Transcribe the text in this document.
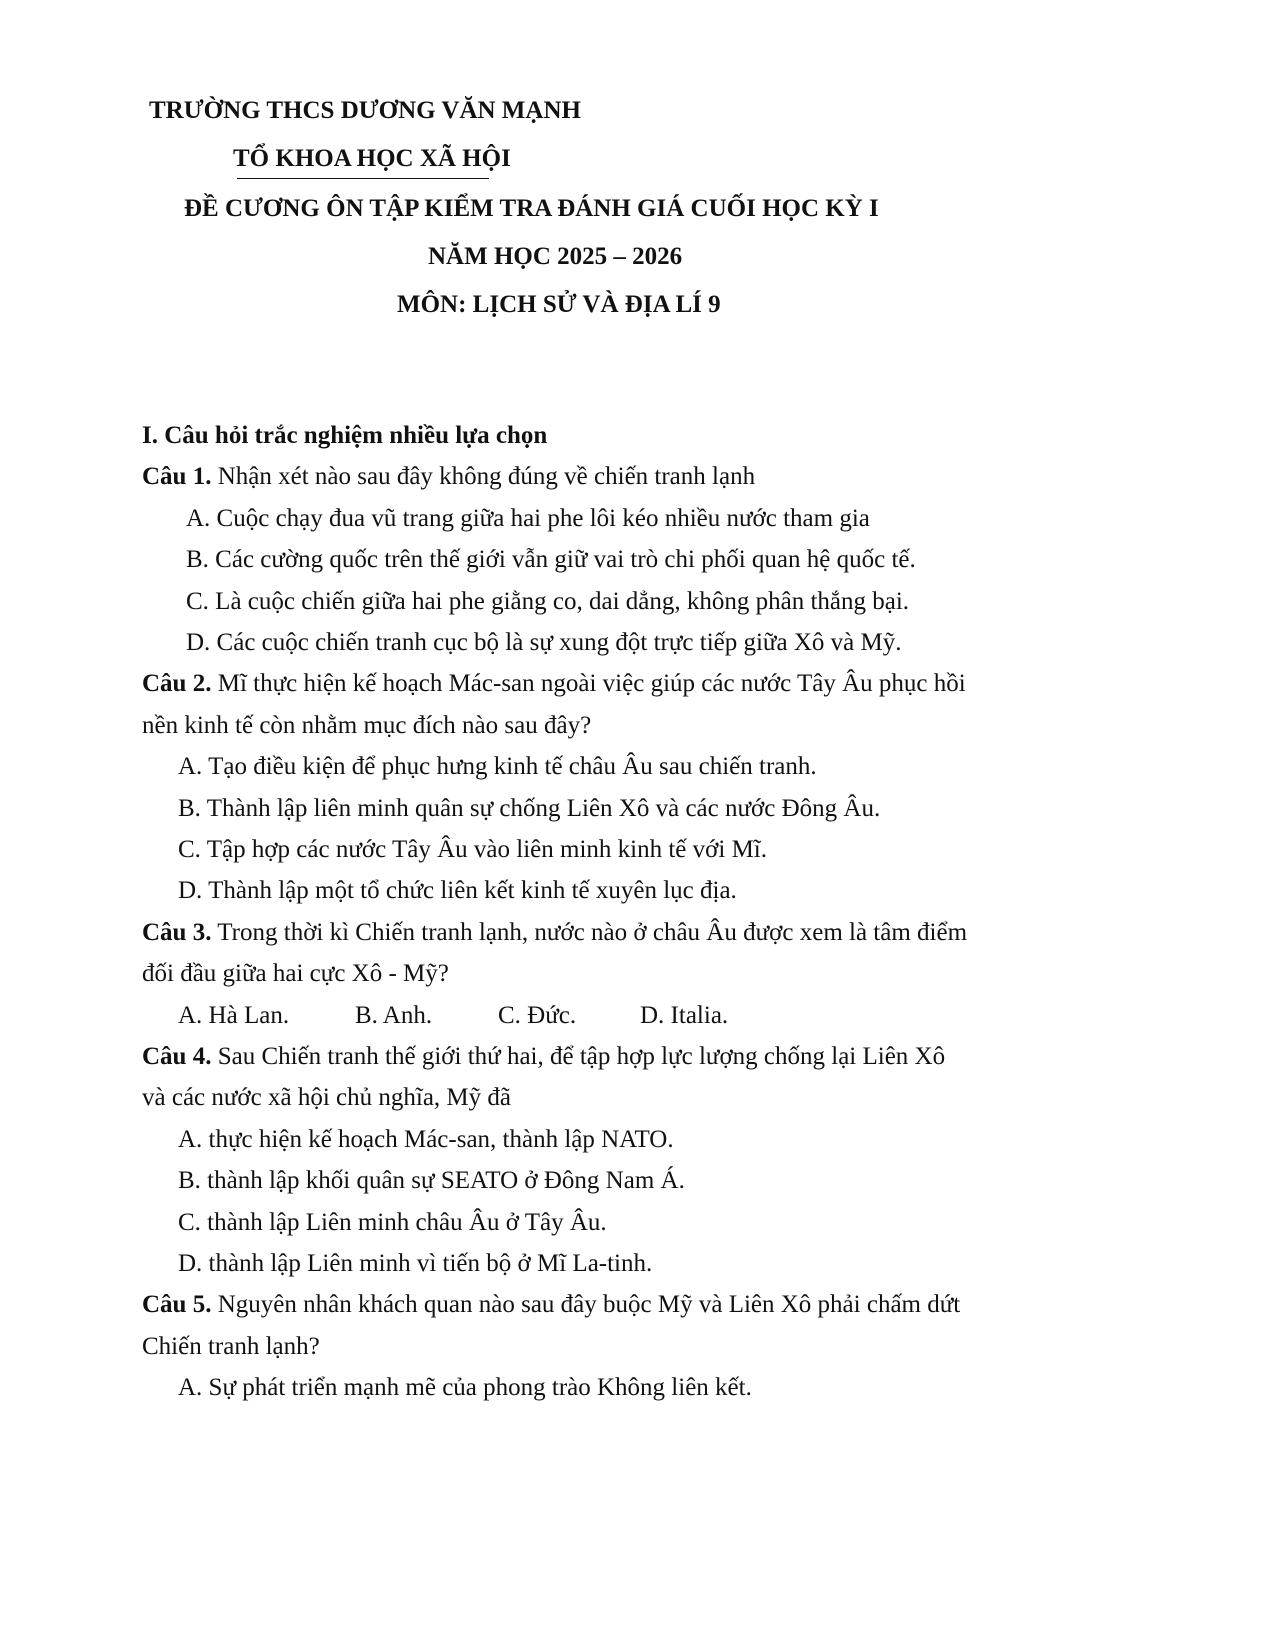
TRƯỜNG THCS DƯƠNG VĂN MẠNH
TỔ KHOA HỌC XÃ HỘI
ĐỀ CƯƠNG ÔN TẬP KIỂM TRA ĐÁNH GIÁ CUỐI HỌC KỲ I
NĂM HỌC 2025 – 2026
MÔN: LỊCH SỬ VÀ ĐỊA LÍ 9
I. Câu hỏi trắc nghiệm nhiều lựa chọn
Câu 1. Nhận xét nào sau đây không đúng về chiến tranh lạnh
A. Cuộc chạy đua vũ trang giữa hai phe lôi kéo nhiều nước tham gia
B. Các cường quốc trên thế giới vẫn giữ vai trò chi phối quan hệ quốc tế.
C. Là cuộc chiến giữa hai phe giằng co, dai dẳng, không phân thắng bại.
D. Các cuộc chiến tranh cục bộ là sự xung đột trực tiếp giữa Xô và Mỹ.
Câu 2. Mĩ thực hiện kế hoạch Mác-san ngoài việc giúp các nước Tây Âu phục hồi
nền kinh tế còn nhằm mục đích nào sau đây?
A. Tạo điều kiện để phục hưng kinh tế châu Âu sau chiến tranh.
B. Thành lập liên minh quân sự chống Liên Xô và các nước Đông Âu.
C. Tập hợp các nước Tây Âu vào liên minh kinh tế với Mĩ.
D. Thành lập một tổ chức liên kết kinh tế xuyên lục địa.
Câu 3. Trong thời kì Chiến tranh lạnh, nước nào ở châu Âu được xem là tâm điểm
đối đầu giữa hai cực Xô - Mỹ?
A. Hà Lan.	B. Anh.	C. Đức.	D. Italia.
Câu 4. Sau Chiến tranh thế giới thứ hai, để tập hợp lực lượng chống lại Liên Xô
và các nước xã hội chủ nghĩa, Mỹ đã
A. thực hiện kế hoạch Mác-san, thành lập NATO.
B. thành lập khối quân sự SEATO ở Đông Nam Á.
C. thành lập Liên minh châu Âu ở Tây Âu.
D. thành lập Liên minh vì tiến bộ ở Mĩ La-tinh.
Câu 5. Nguyên nhân khách quan nào sau đây buộc Mỹ và Liên Xô phải chấm dứt
Chiến tranh lạnh?
A. Sự phát triển mạnh mẽ của phong trào Không liên kết.
